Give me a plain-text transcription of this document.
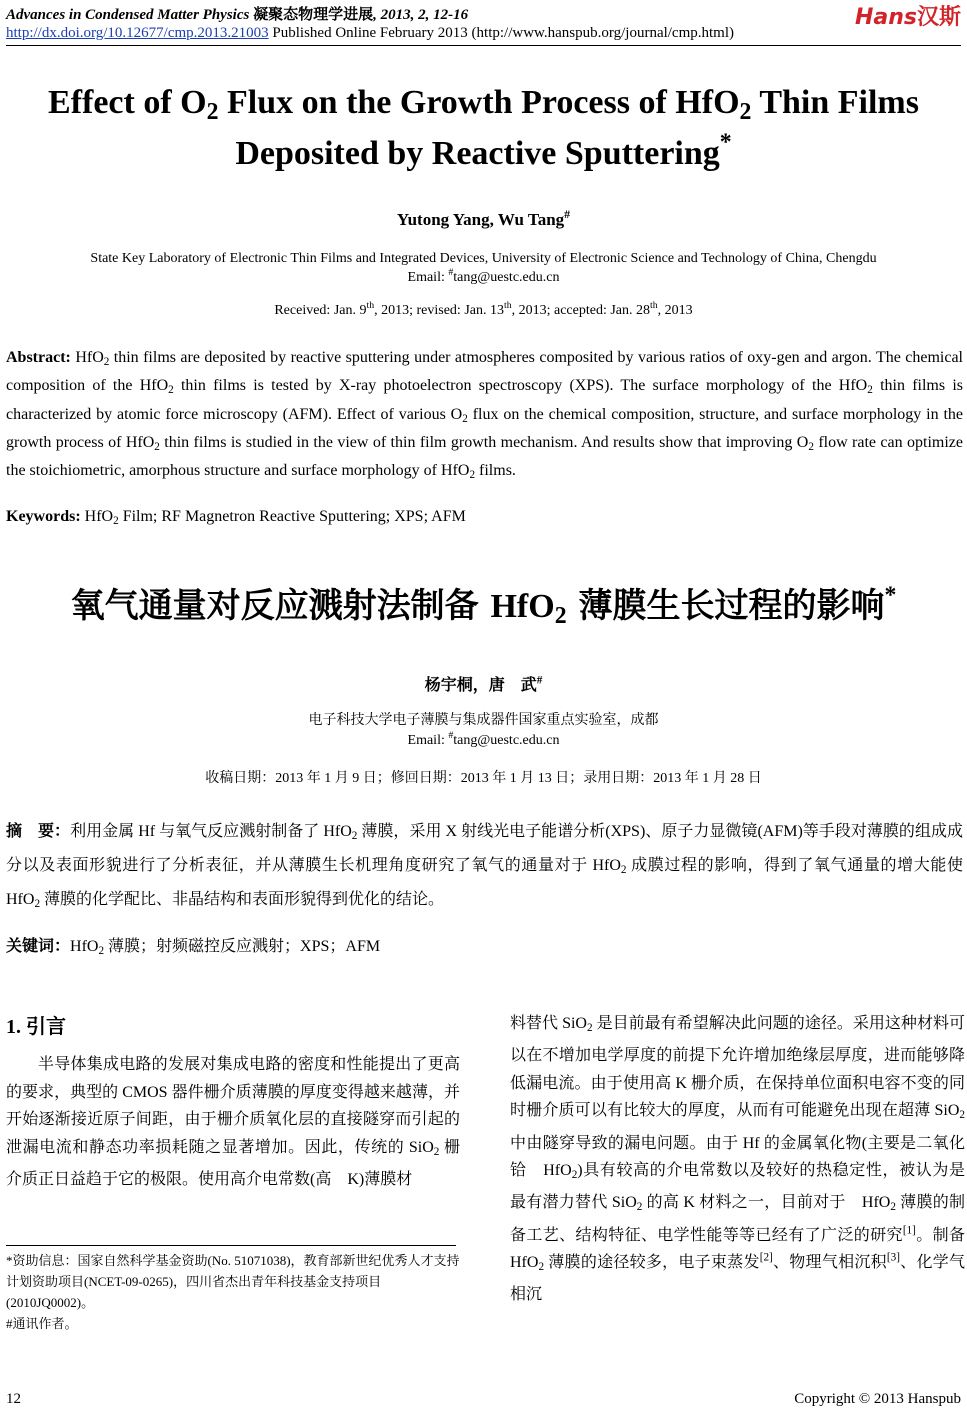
Advances in Condensed Matter Physics 凝聚态物理学进展, 2013, 2, 12-16
http://dx.doi.org/10.12677/cmp.2013.21003 Published Online February 2013 (http://www.hanspub.org/journal/cmp.html)
Hans汉斯
Effect of $O_2$ Flux on the Growth Process of HfO$_2$ Thin Films
Deposited by Reactive Sputtering*
Yutong Yang, Wu Tang#
State Key Laboratory of Electronic Thin Films and Integrated Devices, University of Electronic Science and Technology of China, Chengdu
Email: #tang@uestc.edu.cn
Received: Jan. 9th, 2013; revised: Jan. 13th, 2013; accepted: Jan. 28th, 2013
Abstract: HfO$_2$ thin films are deposited by reactive sputtering under atmospheres composited by various ratios of oxy-gen and argon. The chemical composition of the HfO$_2$ thin films is tested by X-ray photoelectron spectroscopy (XPS). The surface morphology of the HfO$_2$ thin films is characterized by atomic force microscopy (AFM). Effect of various $O_2$ flux on the chemical composition, structure, and surface morphology in the growth process of HfO$_2$ thin films is studied in the view of thin film growth mechanism. And results show that improving $O_2$ flow rate can optimize the stoichiometric, amorphous structure and surface morphology of HfO$_2$ films.
Keywords: HfO$_2$ Film; RF Magnetron Reactive Sputtering; XPS; AFM
氧气通量对反应溅射法制备 HfO$_2$ 薄膜生长过程的影响*
杨宇桐，唐　武#
电子科技大学电子薄膜与集成器件国家重点实验室，成都
Email: #tang@uestc.edu.cn
收稿日期：2013 年 1 月 9 日；修回日期：2013 年 1 月 13 日；录用日期：2013 年 1 月 28 日
摘　要：利用金属 Hf 与氧气反应溅射制备了 HfO$_2$ 薄膜，采用 X 射线光电子能谱分析(XPS)、原子力显微镜(AFM)等手段对薄膜的组成成分以及表面形貌进行了分析表征，并从薄膜生长机理角度研究了氧气的通量对于 HfO$_2$ 成膜过程的影响，得到了氧气通量的增大能使 HfO$_2$ 薄膜的化学配比、非晶结构和表面形貌得到优化的结论。
关键词：HfO$_2$ 薄膜；射频磁控反应溅射；XPS；AFM
1. 引言

半导体集成电路的发展对集成电路的密度和性能提出了更高的要求，典型的 CMOS 器件栅介质薄膜的厚度变得越来越薄，并开始逐渐接近原子间距，由于栅介质氧化层的直接隧穿而引起的泄漏电流和静态功率损耗随之显著增加。因此，传统的 SiO$_2$ 栅介质正日益趋于它的极限。使用高介电常数(高　K)薄膜材

料替代 SiO$_2$ 是目前最有希望解决此问题的途径。采用这种材料可以在不增加电学厚度的前提下允许增加绝缘层厚度，进而能够降低漏电流。由于使用高 K 栅介质，在保持单位面积电容不变的同时栅介质可以有比较大的厚度，从而有可能避免出现在超薄 SiO$_2$ 中由隧穿导致的漏电问题。由于 Hf 的金属氧化物(主要是二氧化铪　HfO$_2$)具有较高的介电常数以及较好的热稳定性，被认为是最有潜力替代 SiO$_2$ 的高 K 材料之一，目前对于　HfO$_2$ 薄膜的制备工艺、结构特征、电学性能等等已经有了广泛的研究[1]。制备 HfO$_2$ 薄膜的途径较多，电子束蒸发[2]、物理气相沉积[3]、化学气相沉

*资助信息：国家自然科学基金资助(No. 51071038)，教育部新世纪优秀人才支持计划资助项目(NCET-09-0265)，四川省杰出青年科技基金支持项目(2010JQ0002)。
#通讯作者。
12	Copyright © 2013 Hanspub
